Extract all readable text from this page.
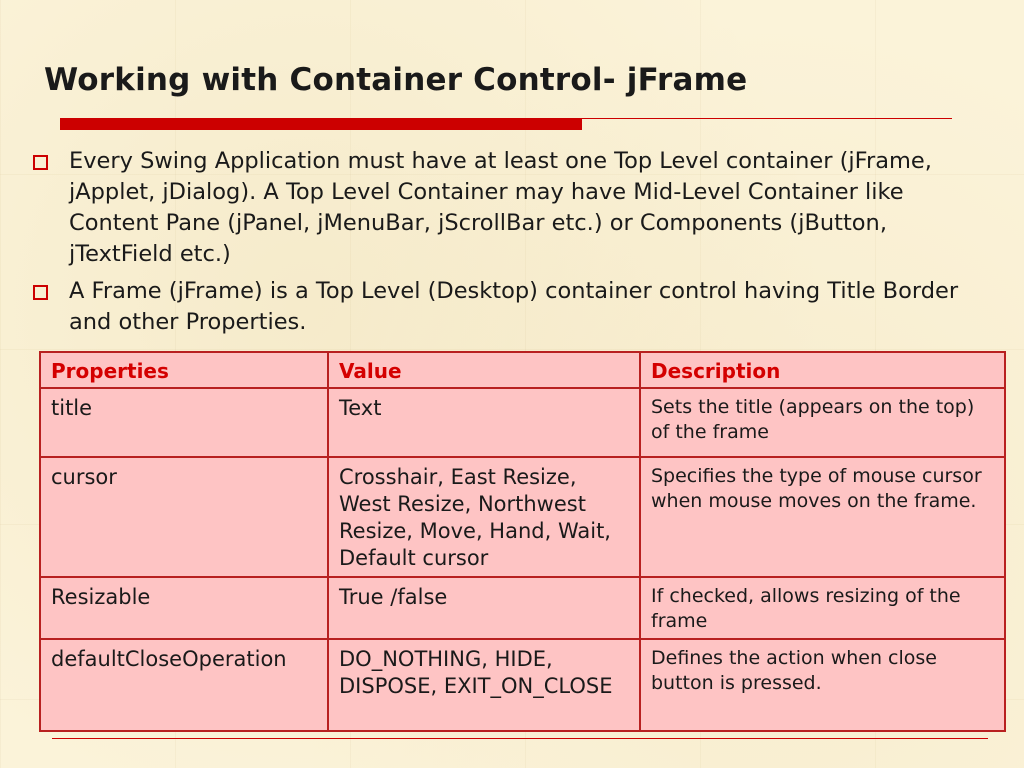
Working with Container Control- jFrame
Every Swing Application must have at least one Top Level container (jFrame, jApplet, jDialog). A Top Level Container may have Mid-Level Container like Content Pane (jPanel, jMenuBar, jScrollBar etc.) or Components (jButton, jTextField etc.)
A Frame (jFrame) is a Top Level (Desktop) container control having Title Border and other Properties.
Properties	Value	Description
title	Text	Sets the title (appears on the top) of the frame
cursor	Crosshair, East Resize, West Resize, Northwest Resize, Move, Hand, Wait, Default cursor	Specifies the type of mouse cursor when mouse moves on the frame.
Resizable	True /false	If checked, allows resizing of the frame
defaultCloseOperation	DO_NOTHING, HIDE, DISPOSE, EXIT_ON_CLOSE	Defines the action when close button is pressed.
